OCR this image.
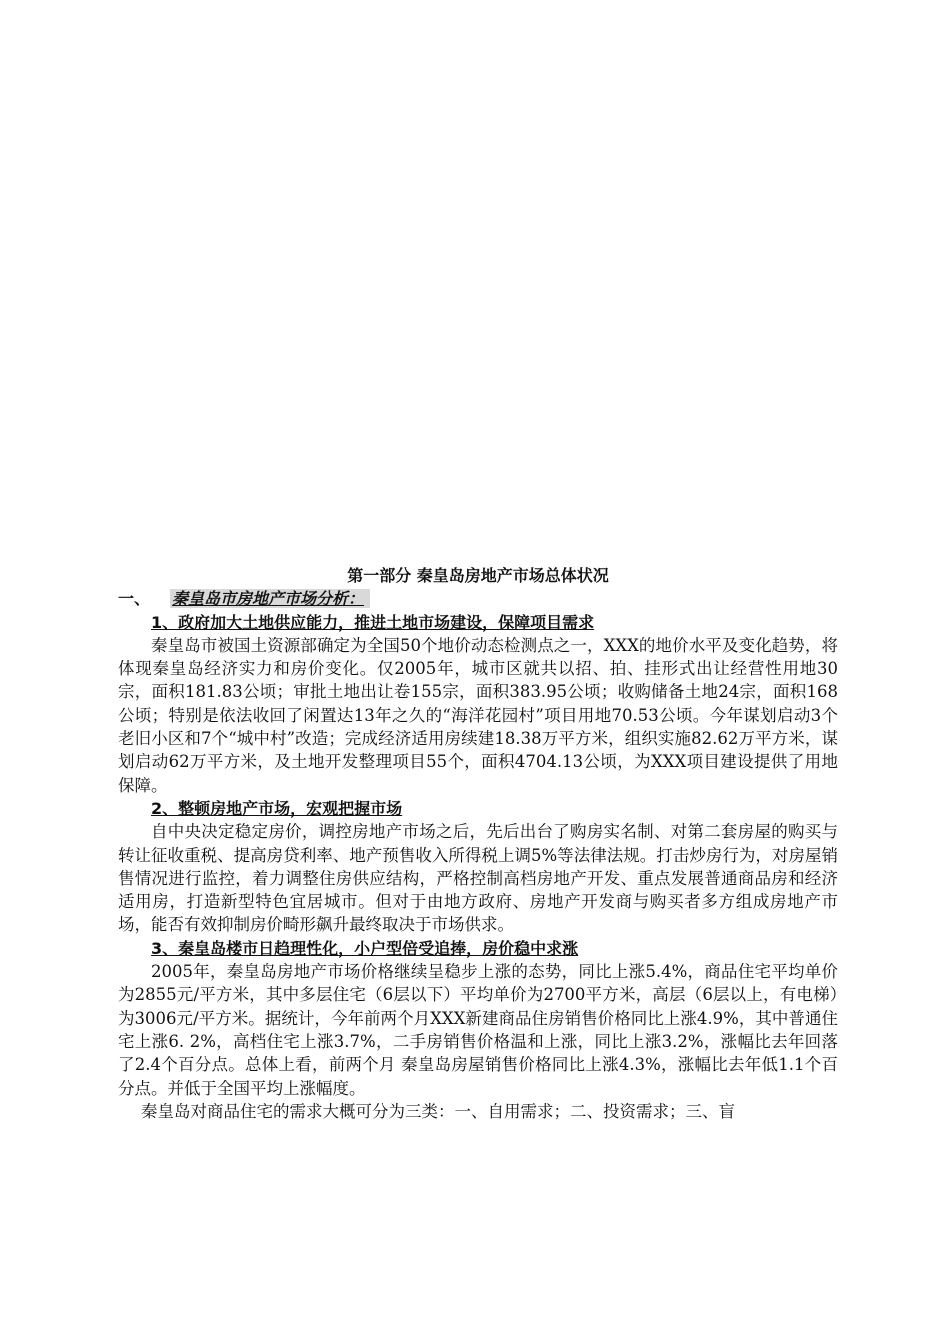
第一部分 秦皇岛房地产市场总体状况

一、 秦皇岛市房地产市场分析：

1、政府加大土地供应能力，推进土地市场建设，保障项目需求

秦皇岛市被国土资源部确定为全国50个地价动态检测点之一，XXX的地价水平及变化趋势，将体现秦皇岛经济实力和房价变化。仅2005年，城市区就共以招、拍、挂形式出让经营性用地30宗，面积181.83公顷；审批土地出让卷155宗，面积383.95公顷；收购储备土地24宗，面积168公顷；特别是依法收回了闲置达13年之久的“海洋花园村”项目用地70.53公顷。今年谋划启动3个老旧小区和7个“城中村”改造；完成经济适用房续建18.38万平方米，组织实施82.62万平方米，谋划启动62万平方米，及土地开发整理项目55个，面积4704.13公顷，为XXX项目建设提供了用地保障。

2、整顿房地产市场，宏观把握市场

自中央决定稳定房价，调控房地产市场之后，先后出台了购房实名制、对第二套房屋的购买与转让征收重税、提高房贷利率、地产预售收入所得税上调5%等法律法规。打击炒房行为，对房屋销售情况进行监控，着力调整住房供应结构，严格控制高档房地产开发、重点发展普通商品房和经济适用房，打造新型特色宜居城市。但对于由地方政府、房地产开发商与购买者多方组成房地产市场，能否有效抑制房价畸形飙升最终取决于市场供求。

3、秦皇岛楼市日趋理性化，小户型倍受追捧，房价稳中求涨

2005年，秦皇岛房地产市场价格继续呈稳步上涨的态势，同比上涨5.4%，商品住宅平均单价为2855元/平方米，其中多层住宅（6层以下）平均单价为2700平方米，高层（6层以上，有电梯）为3006元/平方米。据统计，今年前两个月XXX新建商品住房销售价格同比上涨4.9%，其中普通住宅上涨6. 2%，高档住宅上涨3.7%，二手房销售价格温和上涨，同比上涨3.2%，涨幅比去年回落了2.4个百分点。总体上看，前两个月 秦皇岛房屋销售价格同比上涨4.3%，涨幅比去年低1.1个百分点。并低于全国平均上涨幅度。

秦皇岛对商品住宅的需求大概可分为三类：一、自用需求；二、投资需求；三、盲
